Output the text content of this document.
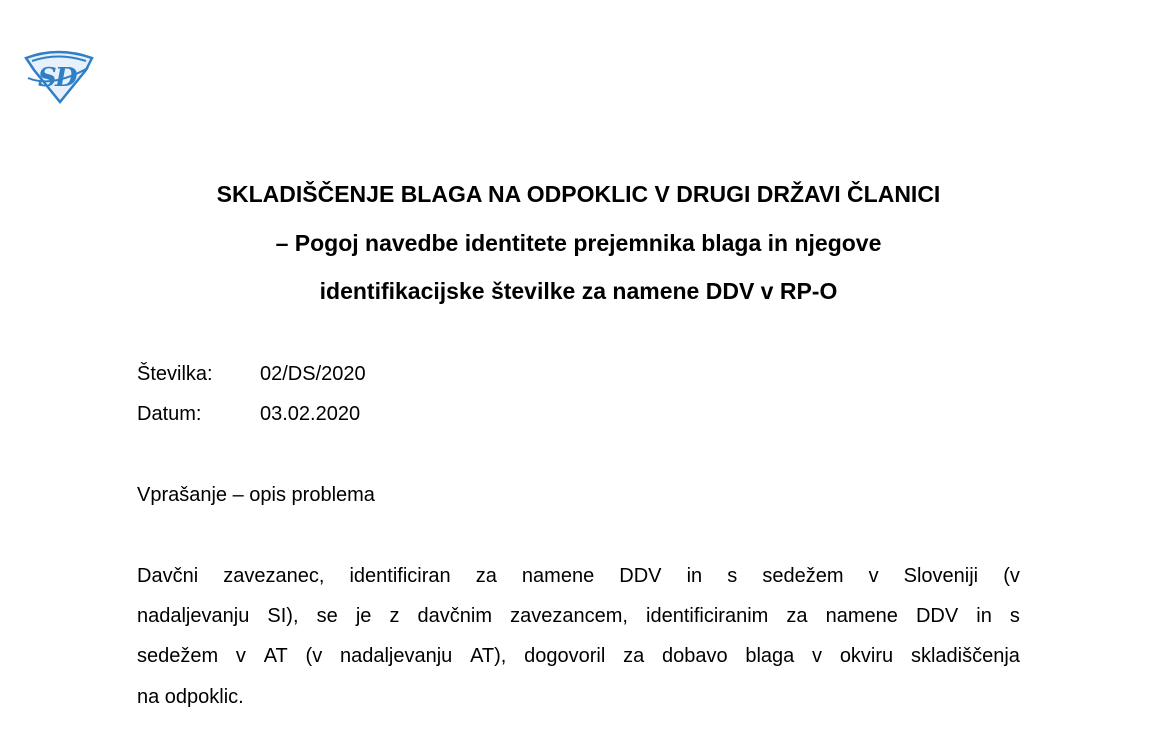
S
D
SKLADIŠČENJE BLAGA NA ODPOKLIC V DRUGI DRŽAVI ČLANICI
– Pogoj navedbe identitete prejemnika blaga in njegove
identifikacijske številke za namene DDV v RP-O
Številka: 02/DS/2020
Datum:	03.02.2020
Vprašanje – opis problema
Davčni zavezanec, identificiran za namene DDV in s sedežem v Sloveniji (v
nadaljevanju SI), se je z davčnim zavezancem, identificiranim za namene DDV in s
sedežem v AT (v nadaljevanju AT), dogovoril za dobavo blaga v okviru skladiščenja
na odpoklic.
